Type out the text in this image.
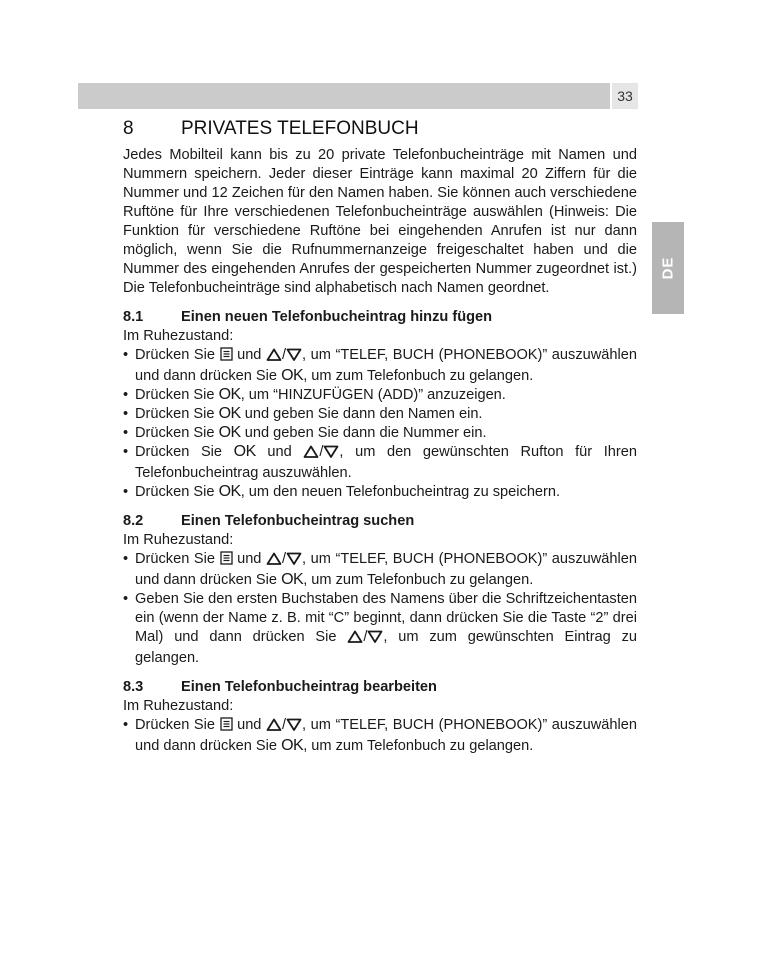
33
DE
8	PRIVATES TELEFONBUCH

Jedes Mobilteil kann bis zu 20 private Telefonbucheinträge mit Namen und Nummern speichern. Jeder dieser Einträge kann maximal 20 Ziffern für die Nummer und 12 Zeichen für den Namen haben. Sie können auch verschiedene Ruftöne für Ihre verschiedenen Telefonbucheinträge auswählen (Hinweis: Die Funktion für verschiedene Ruftöne bei eingehenden Anrufen ist nur dann möglich, wenn Sie die Rufnummernanzeige freigeschaltet haben und die Nummer des eingehenden Anrufes der gespeicherten Nummer zugeordnet ist.) Die Telefonbucheinträge sind alphabetisch nach Namen geordnet.

8.1	Einen neuen Telefonbucheintrag hinzu fügen

Im Ruhezustand:

• Drücken Sie und / , um “TELEF, BUCH (PHONEBOOK)” auszuwählen und dann drücken Sie OK, um zum Telefonbuch zu gelangen.
• Drücken Sie OK, um “HINZUFÜGEN (ADD)” anzuzeigen.
• Drücken Sie OK und geben Sie dann den Namen ein.
• Drücken Sie OK und geben Sie dann die Nummer ein.
• Drücken Sie OK und / , um den gewünschten Rufton für Ihren Telefonbucheintrag auszuwählen.
• Drücken Sie OK, um den neuen Telefonbucheintrag zu speichern.
8.2	Einen Telefonbucheintrag suchen

Im Ruhezustand:

• Drücken Sie und / , um “TELEF, BUCH (PHONEBOOK)” auszuwählen und dann drücken Sie OK, um zum Telefonbuch zu gelangen.
• Geben Sie den ersten Buchstaben des Namens über die Schriftzeichentasten ein (wenn der Name z. B. mit “C” beginnt, dann drücken Sie die Taste “2” drei Mal) und dann drücken Sie / , um zum gewünschten Eintrag zu gelangen.
8.3	Einen Telefonbucheintrag bearbeiten

Im Ruhezustand:

• Drücken Sie und / , um “TELEF, BUCH (PHONEBOOK)” auszuwählen und dann drücken Sie OK, um zum Telefonbuch zu gelangen.
